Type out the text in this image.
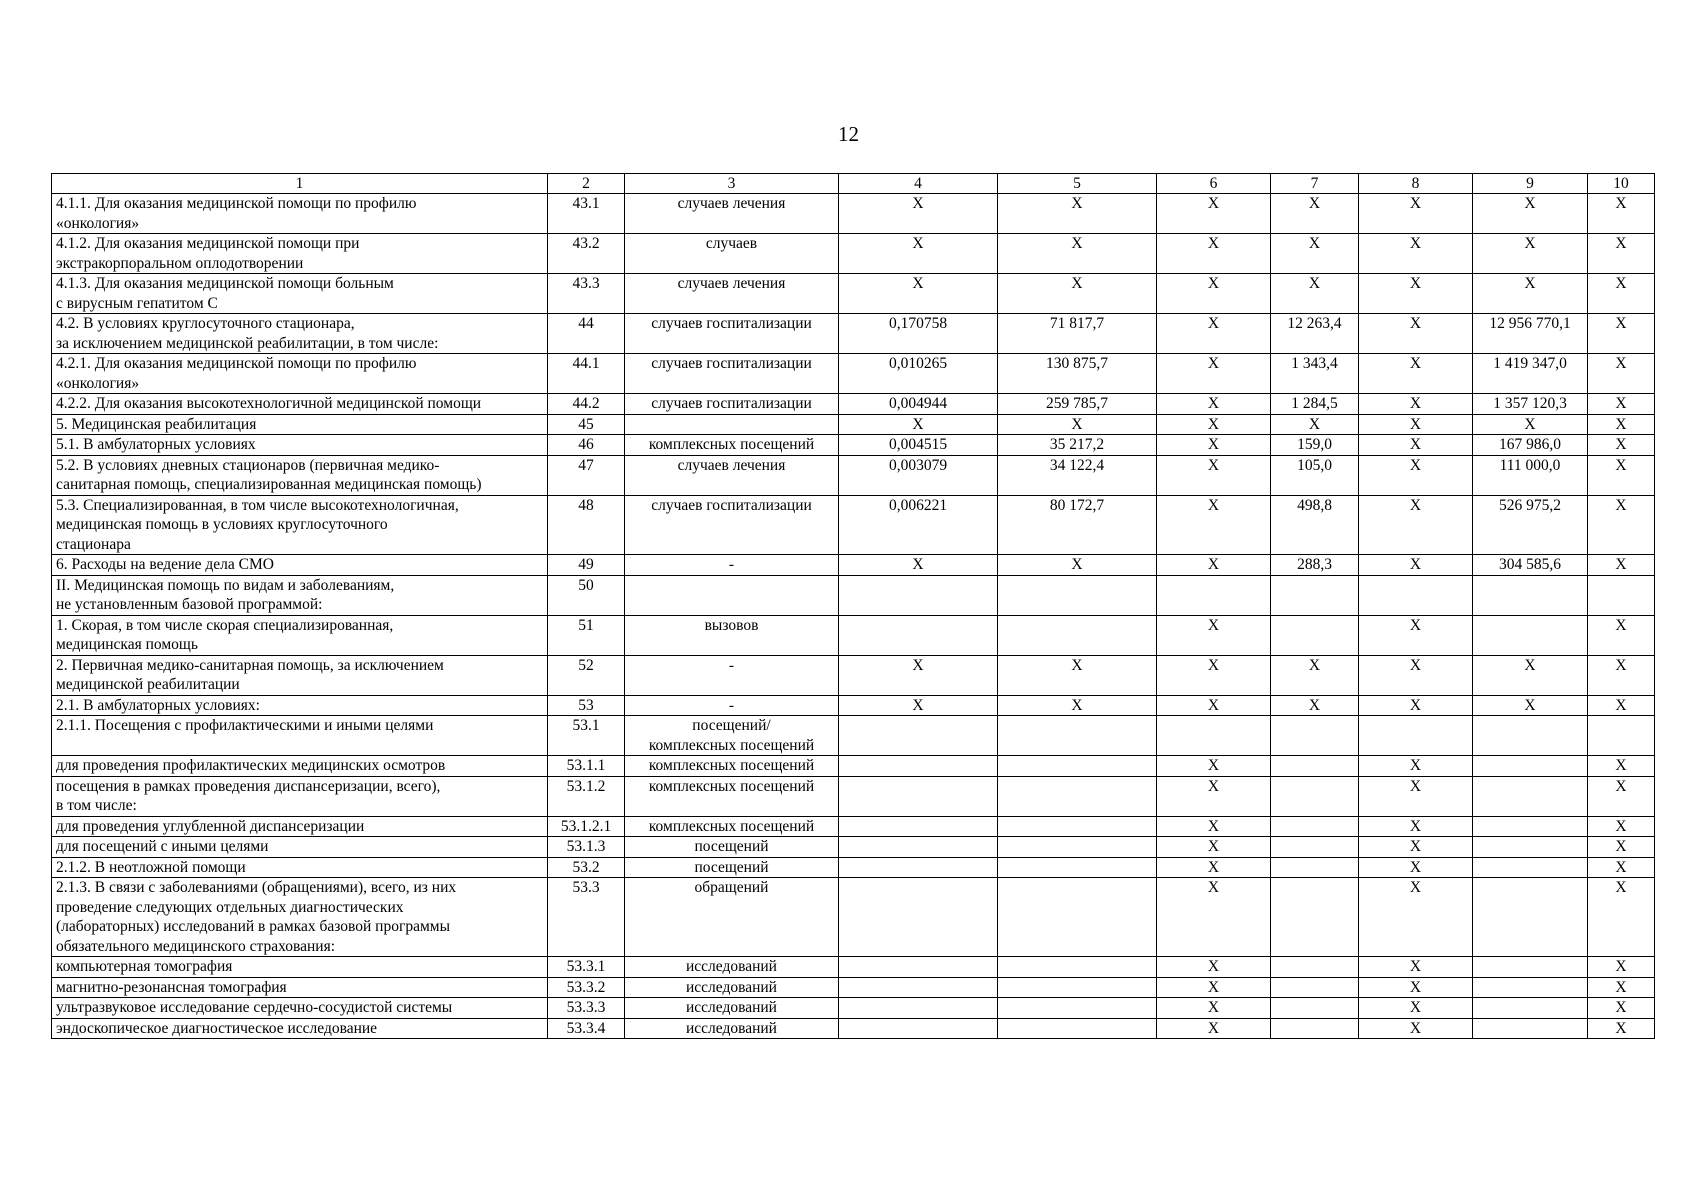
12
1	2	3	4	5	6	7	8	9	10
4.1.1. Для оказания медицинской помощи по профилю
«онкология»	43.1	случаев лечения	Х	Х	Х	Х	Х	Х	Х
4.1.2. Для оказания медицинской помощи при
экстракорпоральном оплодотворении	43.2	случаев	Х	Х	Х	Х	Х	Х	Х
4.1.3. Для оказания медицинской помощи больным
с вирусным гепатитом С	43.3	случаев лечения	Х	Х	Х	Х	Х	Х	Х
4.2. В условиях круглосуточного стационара,
за исключением медицинской реабилитации, в том числе:	44	случаев госпитализации	0,170758	71 817,7	Х	12 263,4	Х	12 956 770,1	Х
4.2.1. Для оказания медицинской помощи по профилю
«онкология»	44.1	случаев госпитализации	0,010265	130 875,7	Х	1 343,4	Х	1 419 347,0	Х
4.2.2. Для оказания высокотехнологичной медицинской помощи	44.2	случаев госпитализации	0,004944	259 785,7	Х	1 284,5	Х	1 357 120,3	Х
5. Медицинская реабилитация	45		Х	Х	Х	Х	Х	Х	Х
5.1. В амбулаторных условиях	46	комплексных посещений	0,004515	35 217,2	Х	159,0	Х	167 986,0	Х
5.2. В условиях дневных стационаров (первичная медико-
санитарная помощь, специализированная медицинская помощь)	47	случаев лечения	0,003079	34 122,4	Х	105,0	Х	111 000,0	Х
5.3. Специализированная, в том числе высокотехнологичная,
медицинская помощь в условиях круглосуточного
стационара	48	случаев госпитализации	0,006221	80 172,7	Х	498,8	Х	526 975,2	Х
6. Расходы на ведение дела СМО	49	-	Х	Х	Х	288,3	Х	304 585,6	Х
II. Медицинская помощь по видам и заболеваниям,
не установленным базовой программой:	50								
1. Скорая, в том числе скорая специализированная,
медицинская помощь	51	вызовов			Х		Х		Х
2. Первичная медико-санитарная помощь, за исключением
медицинской реабилитации	52	-	Х	Х	Х	Х	Х	Х	Х
2.1. В амбулаторных условиях:	53	-	Х	Х	Х	Х	Х	Х	Х
2.1.1. Посещения с профилактическими и иными целями	53.1	посещений/
комплексных посещений							
для проведения профилактических медицинских осмотров	53.1.1	комплексных посещений			Х		Х		Х
посещения в рамках проведения диспансеризации, всего),
в том числе:	53.1.2	комплексных посещений			Х		Х		Х
для проведения углубленной диспансеризации	53.1.2.1	комплексных посещений			Х		Х		Х
для посещений с иными целями	53.1.3	посещений			Х		Х		Х
2.1.2. В неотложной помощи	53.2	посещений			Х		Х		Х
2.1.3. В связи с заболеваниями (обращениями), всего, из них
проведение следующих отдельных диагностических
(лабораторных) исследований в рамках базовой программы
обязательного медицинского страхования:	53.3	обращений			Х		Х		Х
компьютерная томография	53.3.1	исследований			Х		Х		Х
магнитно-резонансная томография	53.3.2	исследований			Х		Х		Х
ультразвуковое исследование сердечно-сосудистой системы	53.3.3	исследований			Х		Х		Х
эндоскопическое диагностическое исследование	53.3.4	исследований			Х		Х		Х
